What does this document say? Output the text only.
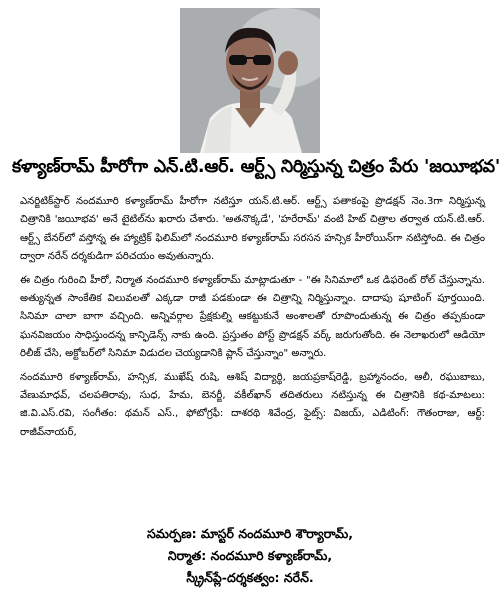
కళ్యాణ్‌రామ్‌ హీరోగా ఎన్‌.టి.ఆర్‌. ఆర్ట్స్‌ నిర్మిస్తున్న చిత్రం పేరు 'జయీభవ'

ఎనర్జిటిక్‌స్టార్‌ నందమూరి కళ్యాణ్‌రామ్‌ హీరోగా నటిస్తూ యన్‌.టి.ఆర్‌. ఆర్ట్స్‌ పతాకంపై ప్రొడక్షన్‌ నెం.3గా నిర్మిస్తున్న చిత్రానికి 'జయీభవ' అనే టైటిల్‌ను ఖరారు చేశారు. 'అతనొక్కడే', 'హరేరామ్‌' వంటి హిట్‌ చిత్రాల తర్వాత యన్‌.టి.ఆర్‌. ఆర్ట్స్‌ బేనర్‌లో వస్తోన్న ఈ హ్యాట్రిక్‌ ఫిలిమ్‌లో నందమూరి కళ్యాణ్‌రామ్‌ సరసన హన్సిక హీరోయిన్‌గా నటిస్తోంది. ఈ చిత్రం ద్వారా నరేన్‌ దర్శకుడిగా పరిచయం అవుతున్నారు.

ఈ చిత్రం గురించి హీరో, నిర్మాత నందమూరి కళ్యాణ్‌రామ్‌ మాట్లాడుతూ - "ఈ సినిమాలో ఒక డిఫరెంట్‌ రోల్‌ చేస్తున్నాను. అత్యున్నత సాంకేతిక విలువలతో ఎక్కడా రాజీ పడకుండా ఈ చిత్రాన్ని నిర్మిస్తున్నాం. దాదాపు షూటింగ్‌ పూర్తయింది. సినిమా చాలా బాగా వచ్చింది. అన్నివర్గాల ప్రేక్షకుల్ని ఆకట్టుకునే అంశాలతో రూపొందుతున్న ఈ చిత్రం తప్పకుండా ఘనవిజయం సాధిస్తుందన్న కాన్ఫిడెన్స్‌ నాకు ఉంది. ప్రస్తుతం పోస్ట్‌ ప్రొడక్షన్‌ వర్క్‌ జరుగుతోంది. ఈ నెలాఖరులో ఆడియో రిలీజ్‌ చేసి, అక్టోబర్‌లో సినిమా విడుదల చెయ్యడానికి ప్లాన్‌ చేస్తున్నాం" అన్నారు.

నందమూరి కళ్యాణ్‌రామ్‌, హన్సిక, ముఖేష్‌ రుషి, ఆశిష్‌ విద్యార్థి, జయప్రకాష్‌రెడ్డి, బ్రహ్మానందం, ఆలీ, రఘుబాబు, వేణుమాధవ్‌, చలపతిరావు, సుధ, హేమ, బెనర్జీ, వకీల్‌ఖాన్‌ తదితరులు నటిస్తున్న ఈ చిత్రానికి కథ-మాటలు: జి.వి.ఎస్‌.రవి, సంగీతం: థమన్‌ ఎస్‌., ఫోటోగ్రఫీ: దాశరథి శివేంద్ర, ఫైట్స్‌: విజయ్‌, ఎడిటింగ్‌: గౌతంరాజు, ఆర్ట్‌: రాజీవ్‌నాయర్‌,

సమర్పణ: మాస్టర్‌ నందమూరి శౌర్యారామ్‌,
నిర్మాత: నందమూరి కళ్యాణ్‌రామ్‌,
స్క్రీన్‌ప్లే-దర్శకత్వం: నరేన్‌.
